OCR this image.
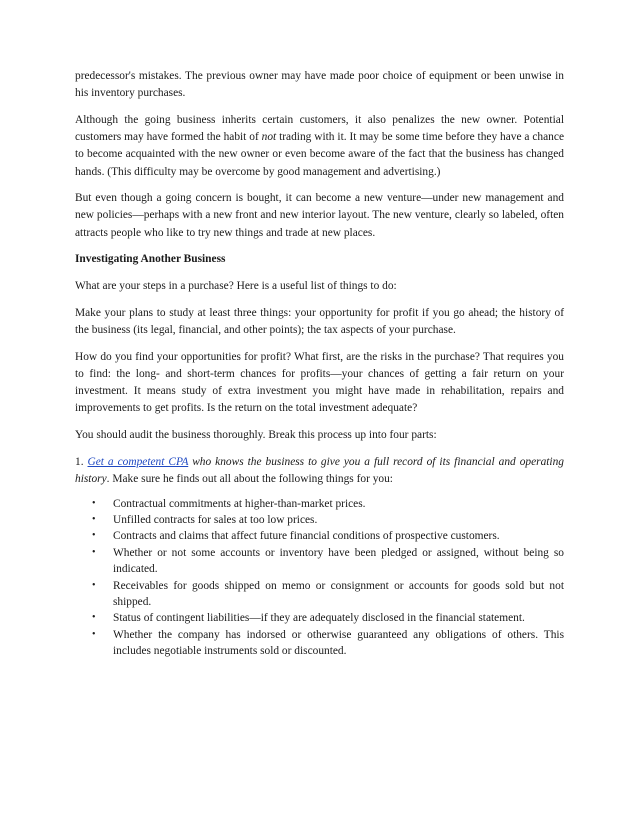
predecessor's mistakes. The previous owner may have made poor choice of equipment or been unwise in his inventory purchases.

Although the going business inherits certain customers, it also penalizes the new owner. Potential customers may have formed the habit of not trading with it. It may be some time before they have a chance to become acquainted with the new owner or even become aware of the fact that the business has changed hands. (This difficulty may be overcome by good management and advertising.)

But even though a going concern is bought, it can become a new venture—under new management and new policies—perhaps with a new front and new interior layout. The new venture, clearly so labeled, often attracts people who like to try new things and trade at new places.

Investigating Another Business

What are your steps in a purchase? Here is a useful list of things to do:

Make your plans to study at least three things: your opportunity for profit if you go ahead; the history of the business (its legal, financial, and other points); the tax aspects of your purchase.

How do you find your opportunities for profit? What first, are the risks in the purchase? That requires you to find: the long- and short-term chances for profits—your chances of getting a fair return on your investment. It means study of extra investment you might have made in rehabilitation, repairs and improvements to get profits. Is the return on the total investment adequate?

You should audit the business thoroughly. Break this process up into four parts:

1. Get a competent CPA who knows the business to give you a full record of its financial and operating history. Make sure he finds out all about the following things for you:

• Contractual commitments at higher-than-market prices.
• Unfilled contracts for sales at too low prices.
• Contracts and claims that affect future financial conditions of prospective customers.
• Whether or not some accounts or inventory have been pledged or assigned, without being so indicated.
• Receivables for goods shipped on memo or consignment or accounts for goods sold but not shipped.
• Status of contingent liabilities—if they are adequately disclosed in the financial statement.
• Whether the company has indorsed or otherwise guaranteed any obligations of others. This includes negotiable instruments sold or discounted.
